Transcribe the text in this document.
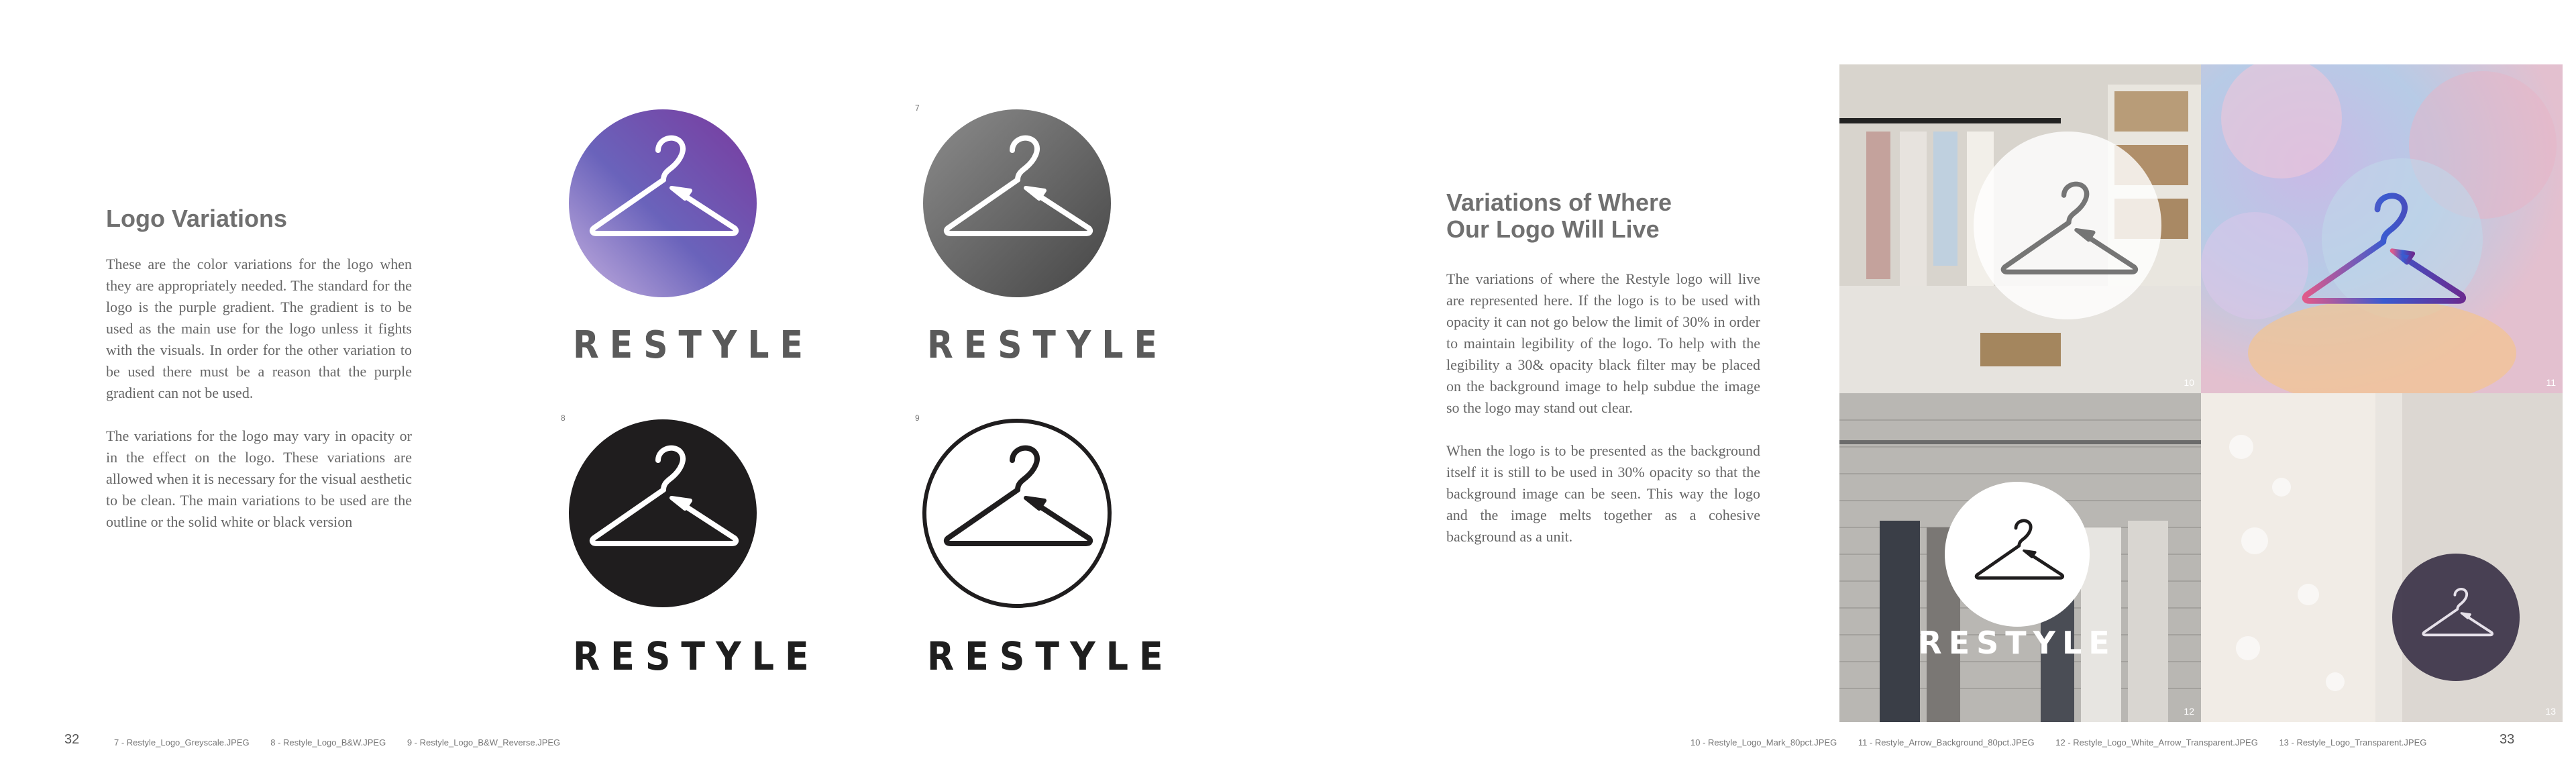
Logo Variations

These are the color variations for the logo when they are appropriately needed. The standard for the logo is the purple gradient. The gradient is to be used as the main use for the logo unless it fights with the visuals. In order for the other variation to be used there must be a reason that the purple gradient can not be used.

The variations for the logo may vary in opacity or in the effect on the logo. These variations are allowed when it is necessary for the visual aesthetic to be clean. The main variations to be used are the outline or the solid white or black version

RESTYLE
7
RESTYLE
8
RESTYLE
9
RESTYLE
32	7 - Restyle_Logo_Greyscale.JPEG 8 - Restyle_Logo_B&W.JPEG 9 - Restyle_Logo_B&W_Reverse.JPEG
Variations of Where
Our Logo Will Live

The variations of where the Restyle logo will live are represented here. If the logo is to be used with opacity it can not go below the limit of 30% in order to maintain legibility of the logo. To help with the legibility a 30& opacity black filter may be placed on the background image to help subdue the image so the logo may stand out clear.

When the logo is to be presented as the background itself it is still to be used in 30% opacity so that the background image can be seen. This way the logo and the image melts together as a cohesive background as a unit.

10	11
RESTYLE
12	13
10 - Restyle_Logo_Mark_80pct.JPEG 11 - Restyle_Arrow_Background_80pct.JPEG 12 - Restyle_Logo_White_Arrow_Transparent.JPEG 13 - Restyle_Logo_Transparent.JPEG	33
